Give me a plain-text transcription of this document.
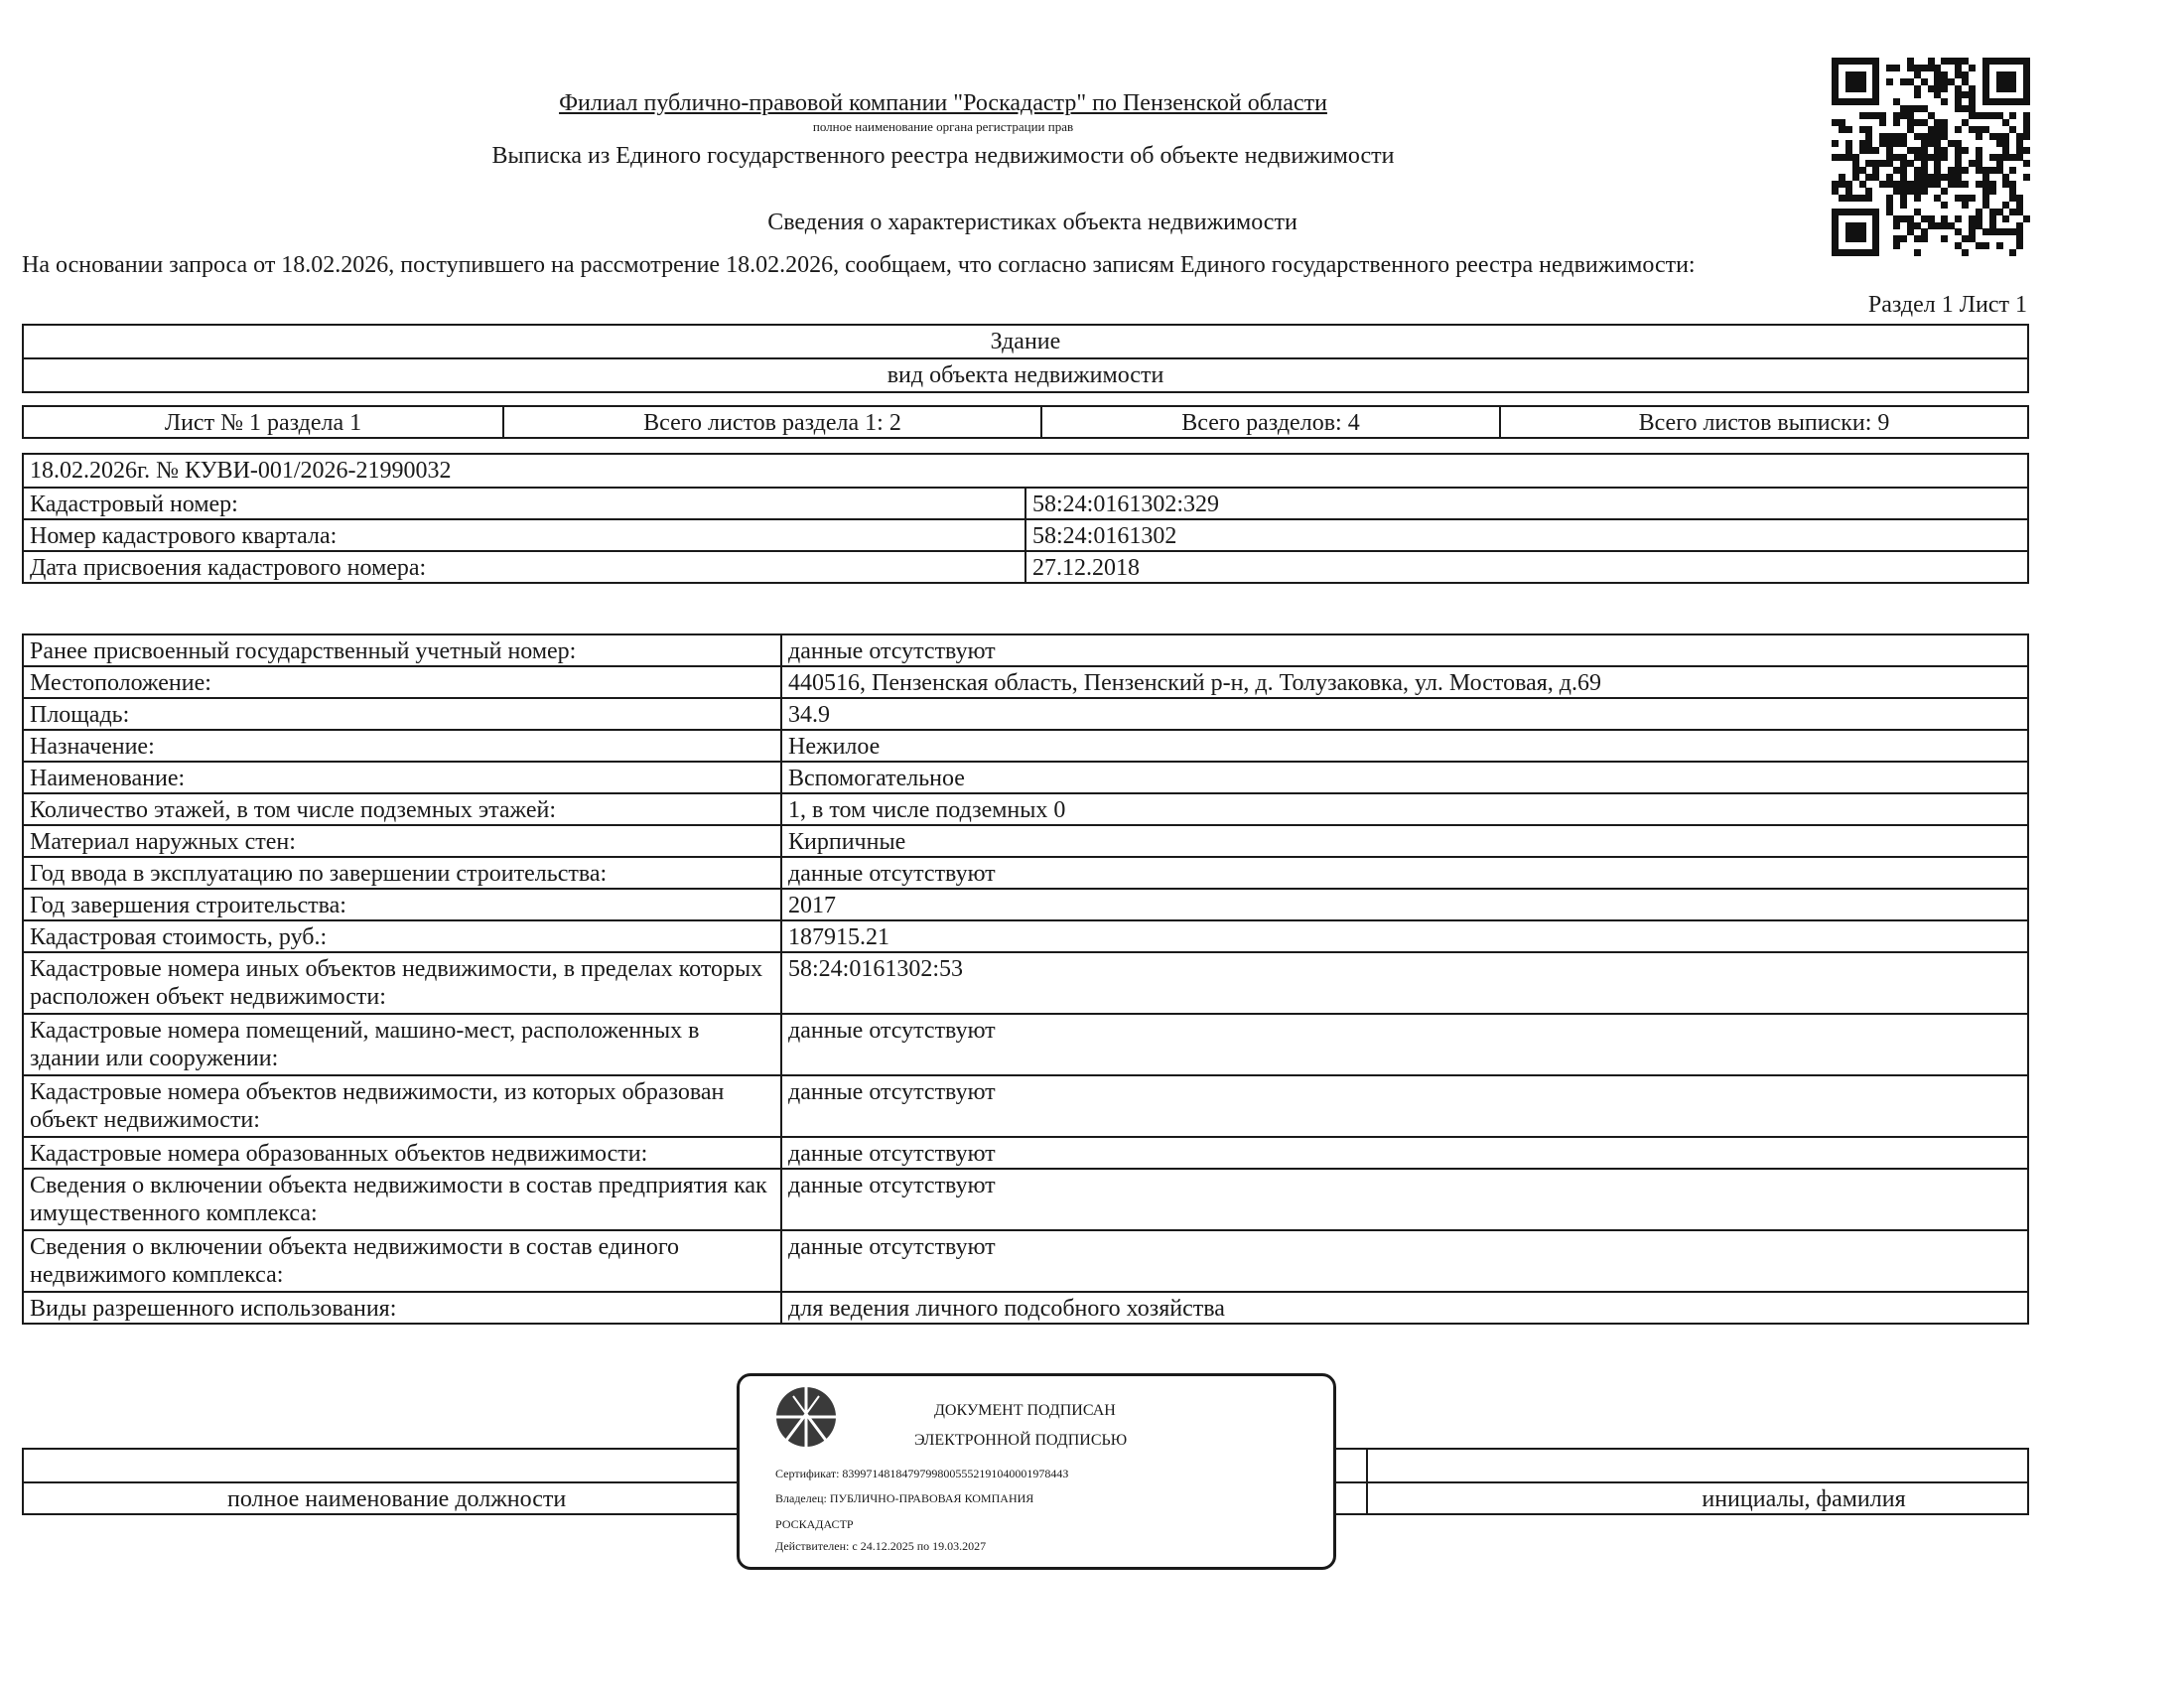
Филиал публично-правовой компании "Роскадастр" по Пензенской области
полное наименование органа регистрации прав
Выписка из Единого государственного реестра недвижимости об объекте недвижимости
Сведения о характеристиках объекта недвижимости
На основании запроса от 18.02.2026, поступившего на рассмотрение 18.02.2026, сообщаем, что согласно записям Единого государственного реестра недвижимости:
Раздел 1 Лист 1
Здание
вид объекта недвижимости
Лист № 1 раздела 1	Всего листов раздела 1: 2	Всего разделов: 4	Всего листов выписки: 9
18.02.2026г. № КУВИ-001/2026-21990032	
Кадастровый номер:	58:24:0161302:329
Номер кадастрового квартала:	58:24:0161302
Дата присвоения кадастрового номера:	27.12.2018
Ранее присвоенный государственный учетный номер:	данные отсутствуют
Местоположение:	440516, Пензенская область, Пензенский р-н, д. Толузаковка, ул. Мостовая, д.69
Площадь:	34.9
Назначение:	Нежилое
Наименование:	Вспомогательное
Количество этажей, в том числе подземных этажей:	1, в том числе подземных 0
Материал наружных стен:	Кирпичные
Год ввода в эксплуатацию по завершении строительства:	данные отсутствуют
Год завершения строительства:	2017
Кадастровая стоимость, руб.:	187915.21
Кадастровые номера иных объектов недвижимости, в пределах которых расположен объект недвижимости:	58:24:0161302:53
Кадастровые номера помещений, машино-мест, расположенных в здании или сооружении:	данные отсутствуют
Кадастровые номера объектов недвижимости, из которых образован объект недвижимости:	данные отсутствуют
Кадастровые номера образованных объектов недвижимости:	данные отсутствуют
Сведения о включении объекта недвижимости в состав предприятия как имущественного комплекса:	данные отсутствуют
Сведения о включении объекта недвижимости в состав единого недвижимого комплекса:	данные отсутствуют
Виды разрешенного использования:	для ведения личного подсобного хозяйства

полное наименование должности	инициалы, фамилия
ДОКУМЕНТ ПОДПИСАН
ЭЛЕКТРОННОЙ ПОДПИСЬЮ
Сертификат: 8399714818479799800555219104000197844З
Владелец: ПУБЛИЧНО-ПРАВОВАЯ КОМПАНИЯ
РОСКАДАСТР
Действителен: с 24.12.2025 по 19.03.2027
